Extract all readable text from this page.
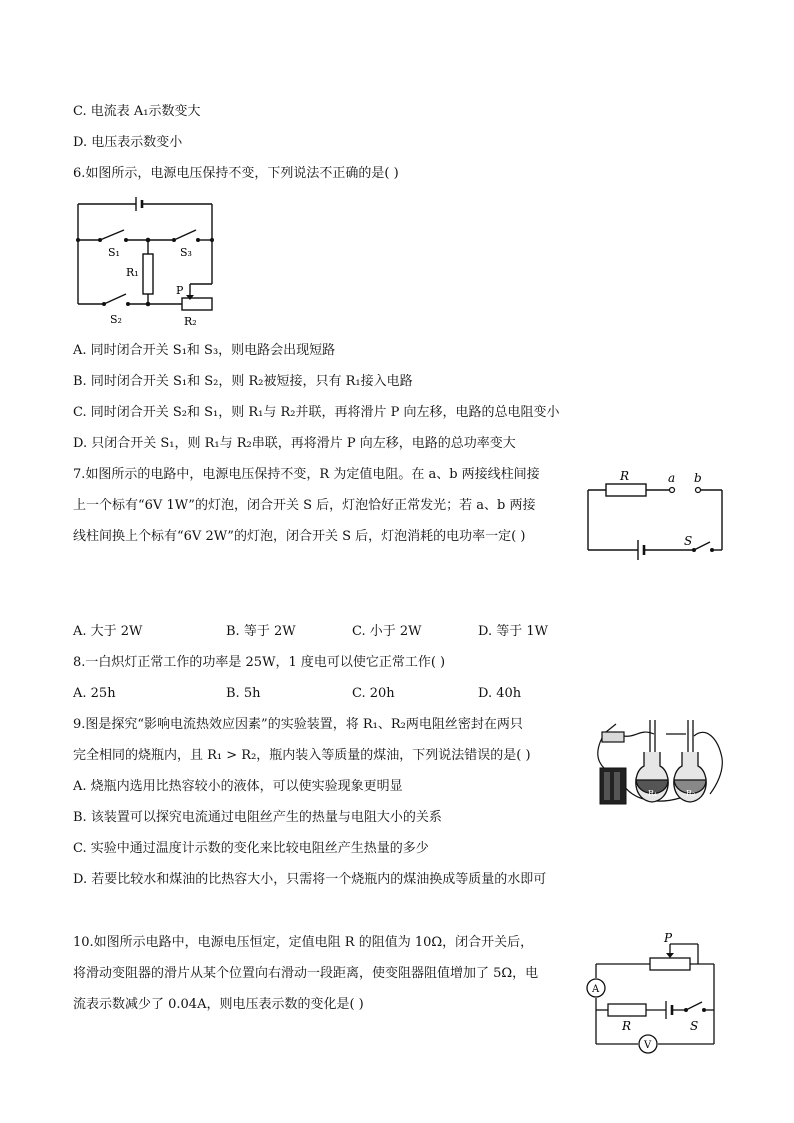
C. 电流表 A₁示数变大
D. 电压表示数变小
6.如图所示，电源电压保持不变，下列说法不正确的是( )
S₁	S₃
R₁
P
S₂	R₂
A. 同时闭合开关 S₁和 S₃，则电路会出现短路
B. 同时闭合开关 S₁和 S₂，则 R₂被短接，只有 R₁接入电路
C. 同时闭合开关 S₂和 S₁，则 R₁与 R₂并联，再将滑片 P 向左移，电路的总电阻变小
D. 只闭合开关 S₁，则 R₁与 R₂串联，再将滑片 P 向左移，电路的总功率变大
7.如图所示的电路中，电源电压保持不变，R 为定值电阻。在 a、b 两接线柱间接
上一个标有“6V 1W”的灯泡，闭合开关 S 后，灯泡恰好正常发光；若 a、b 两接
线柱间换上个标有“6V 2W”的灯泡，闭合开关 S 后，灯泡消耗的电功率一定( )
R	a b
S
A. 大于 2W	B. 等于 2W	C. 小于 2W	D. 等于 1W
8.一白炽灯正常工作的功率是 25W，1 度电可以使它正常工作( )
A. 25h	B. 5h	C. 20h	D. 40h
9.图是探究“影响电流热效应因素”的实验装置，将 R₁、R₂两电阻丝密封在两只
完全相同的烧瓶内，且 R₁ > R₂，瓶内装入等质量的煤油，下列说法错误的是( )
R₁	R₂
A. 烧瓶内选用比热容较小的液体，可以使实验现象更明显
B. 该装置可以探究电流通过电阻丝产生的热量与电阻大小的关系
C. 实验中通过温度计示数的变化来比较电阻丝产生热量的多少
D. 若要比较水和煤油的比热容大小，只需将一个烧瓶内的煤油换成等质量的水即可
10.如图所示电路中，电源电压恒定，定值电阻 R 的阻值为 10Ω，闭合开关后，
将滑动变阻器的滑片从某个位置向右滑动一段距离，使变阻器阻值增加了 5Ω，电
流表示数减少了 0.04A，则电压表示数的变化是( )
P
A
R	S
V
